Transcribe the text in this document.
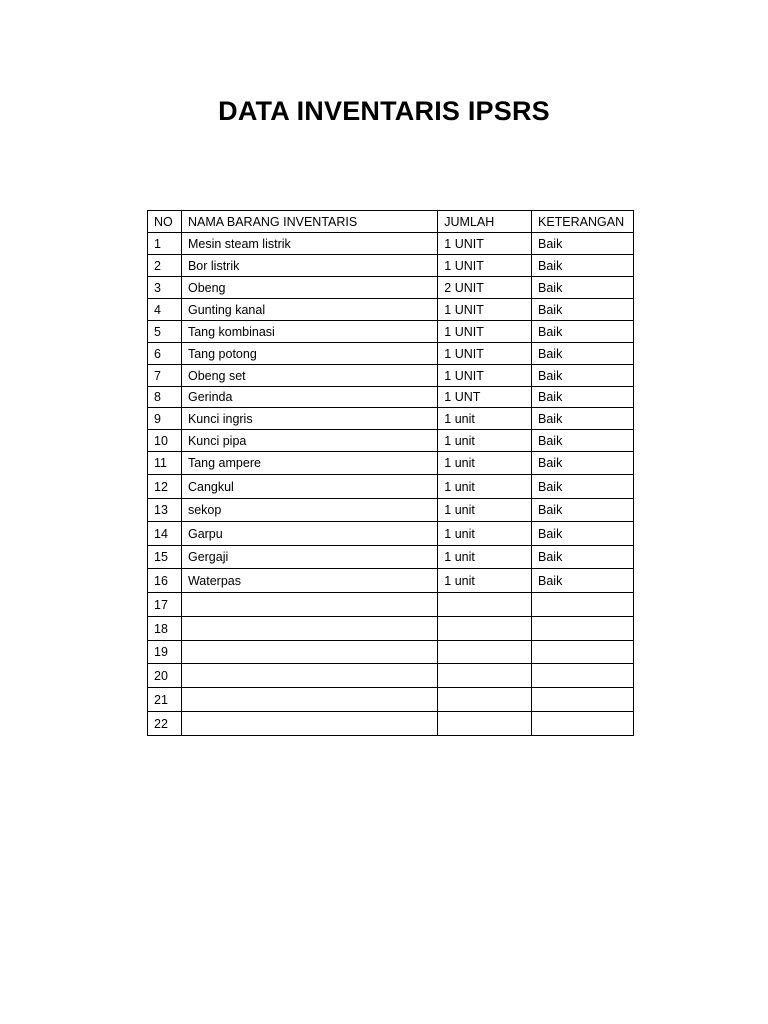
DATA INVENTARIS IPSRS
NO	NAMA BARANG INVENTARIS	JUMLAH	KETERANGAN
1	Mesin steam listrik	1 UNIT	Baik
2	Bor listrik	1 UNIT	Baik
3	Obeng	2 UNIT	Baik
4	Gunting kanal	1 UNIT	Baik
5	Tang kombinasi	1 UNIT	Baik
6	Tang potong	1 UNIT	Baik
7	Obeng set	1 UNIT	Baik
8	Gerinda	1 UNT	Baik
9	Kunci ingris	1 unit	Baik
10	Kunci pipa	1 unit	Baik
11	Tang ampere	1 unit	Baik
12	Cangkul	1 unit	Baik
13	sekop	1 unit	Baik
14	Garpu	1 unit	Baik
15	Gergaji	1 unit	Baik
16	Waterpas	1 unit	Baik
17			
18			
19			
20			
21			
22			
